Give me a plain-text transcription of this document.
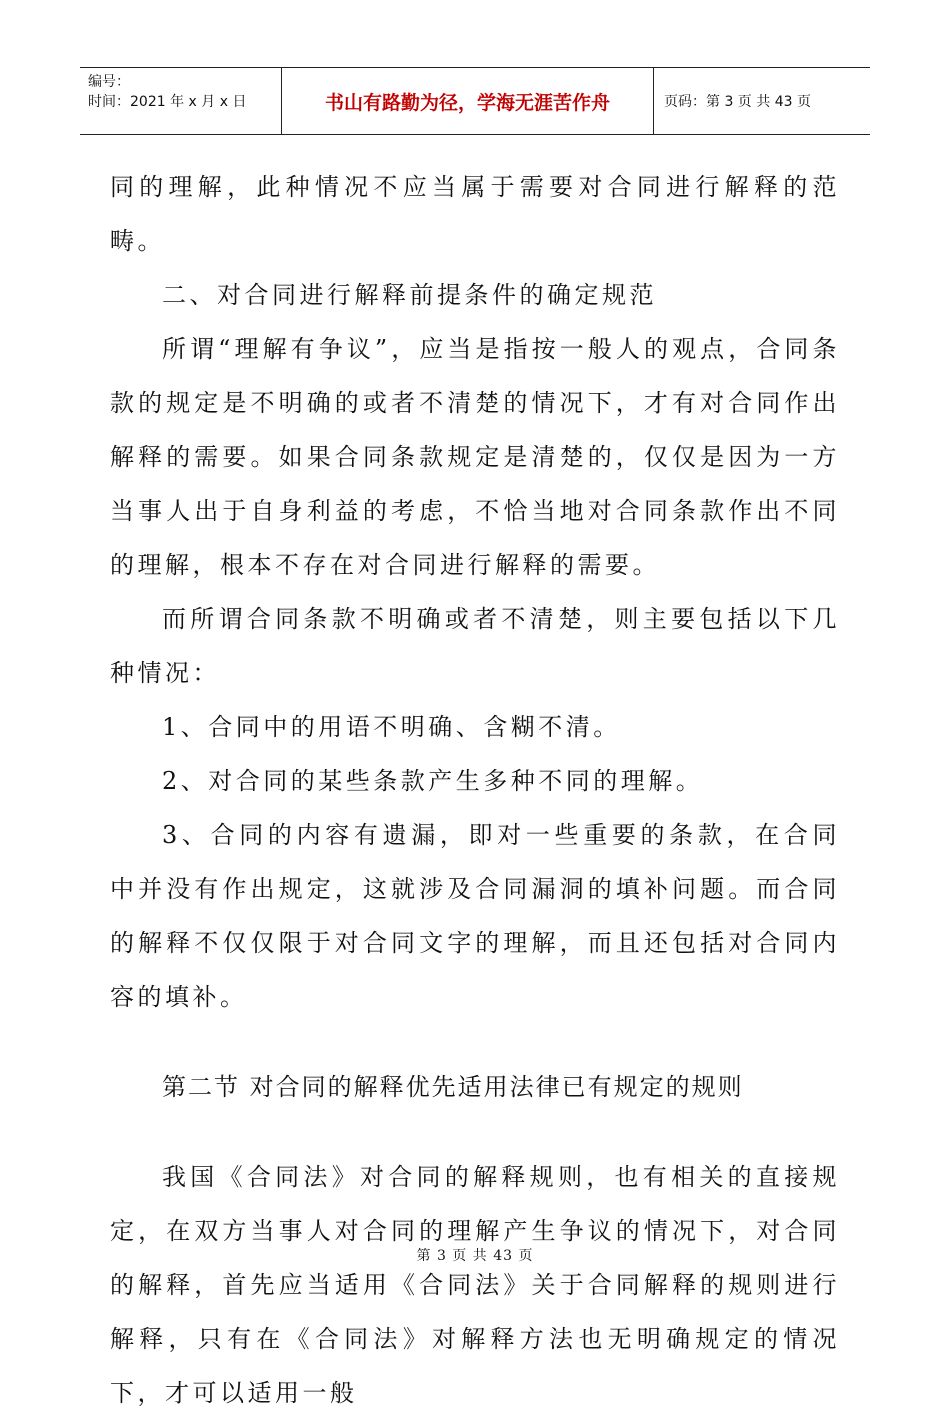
编号：
时间：2021 年 x 月 x 日	书山有路勤为径，学海无涯苦作舟	页码：第 3 页 共 43 页

同的理解，此种情况不应当属于需要对合同进行解释的范畴。

二、对合同进行解释前提条件的确定规范

所谓“理解有争议”，应当是指按一般人的观点，合同条款的规定是不明确的或者不清楚的情况下，才有对合同作出解释的需要。如果合同条款规定是清楚的，仅仅是因为一方当事人出于自身利益的考虑，不恰当地对合同条款作出不同的理解，根本不存在对合同进行解释的需要。

而所谓合同条款不明确或者不清楚，则主要包括以下几种情况：

1、合同中的用语不明确、含糊不清。

2、对合同的某些条款产生多种不同的理解。

3、合同的内容有遗漏，即对一些重要的条款，在合同中并没有作出规定，这就涉及合同漏洞的填补问题。而合同的解释不仅仅限于对合同文字的理解，而且还包括对合同内容的填补。

第二节 对合同的解释优先适用法律已有规定的规则

我国《合同法》对合同的解释规则，也有相关的直接规定，在双方当事人对合同的理解产生争议的情况下，对合同的解释，首先应当适用《合同法》关于合同解释的规则进行解释，只有在《合同法》对解释方法也无明确规定的情况下，才可以适用一般

第 3 页 共 43 页
